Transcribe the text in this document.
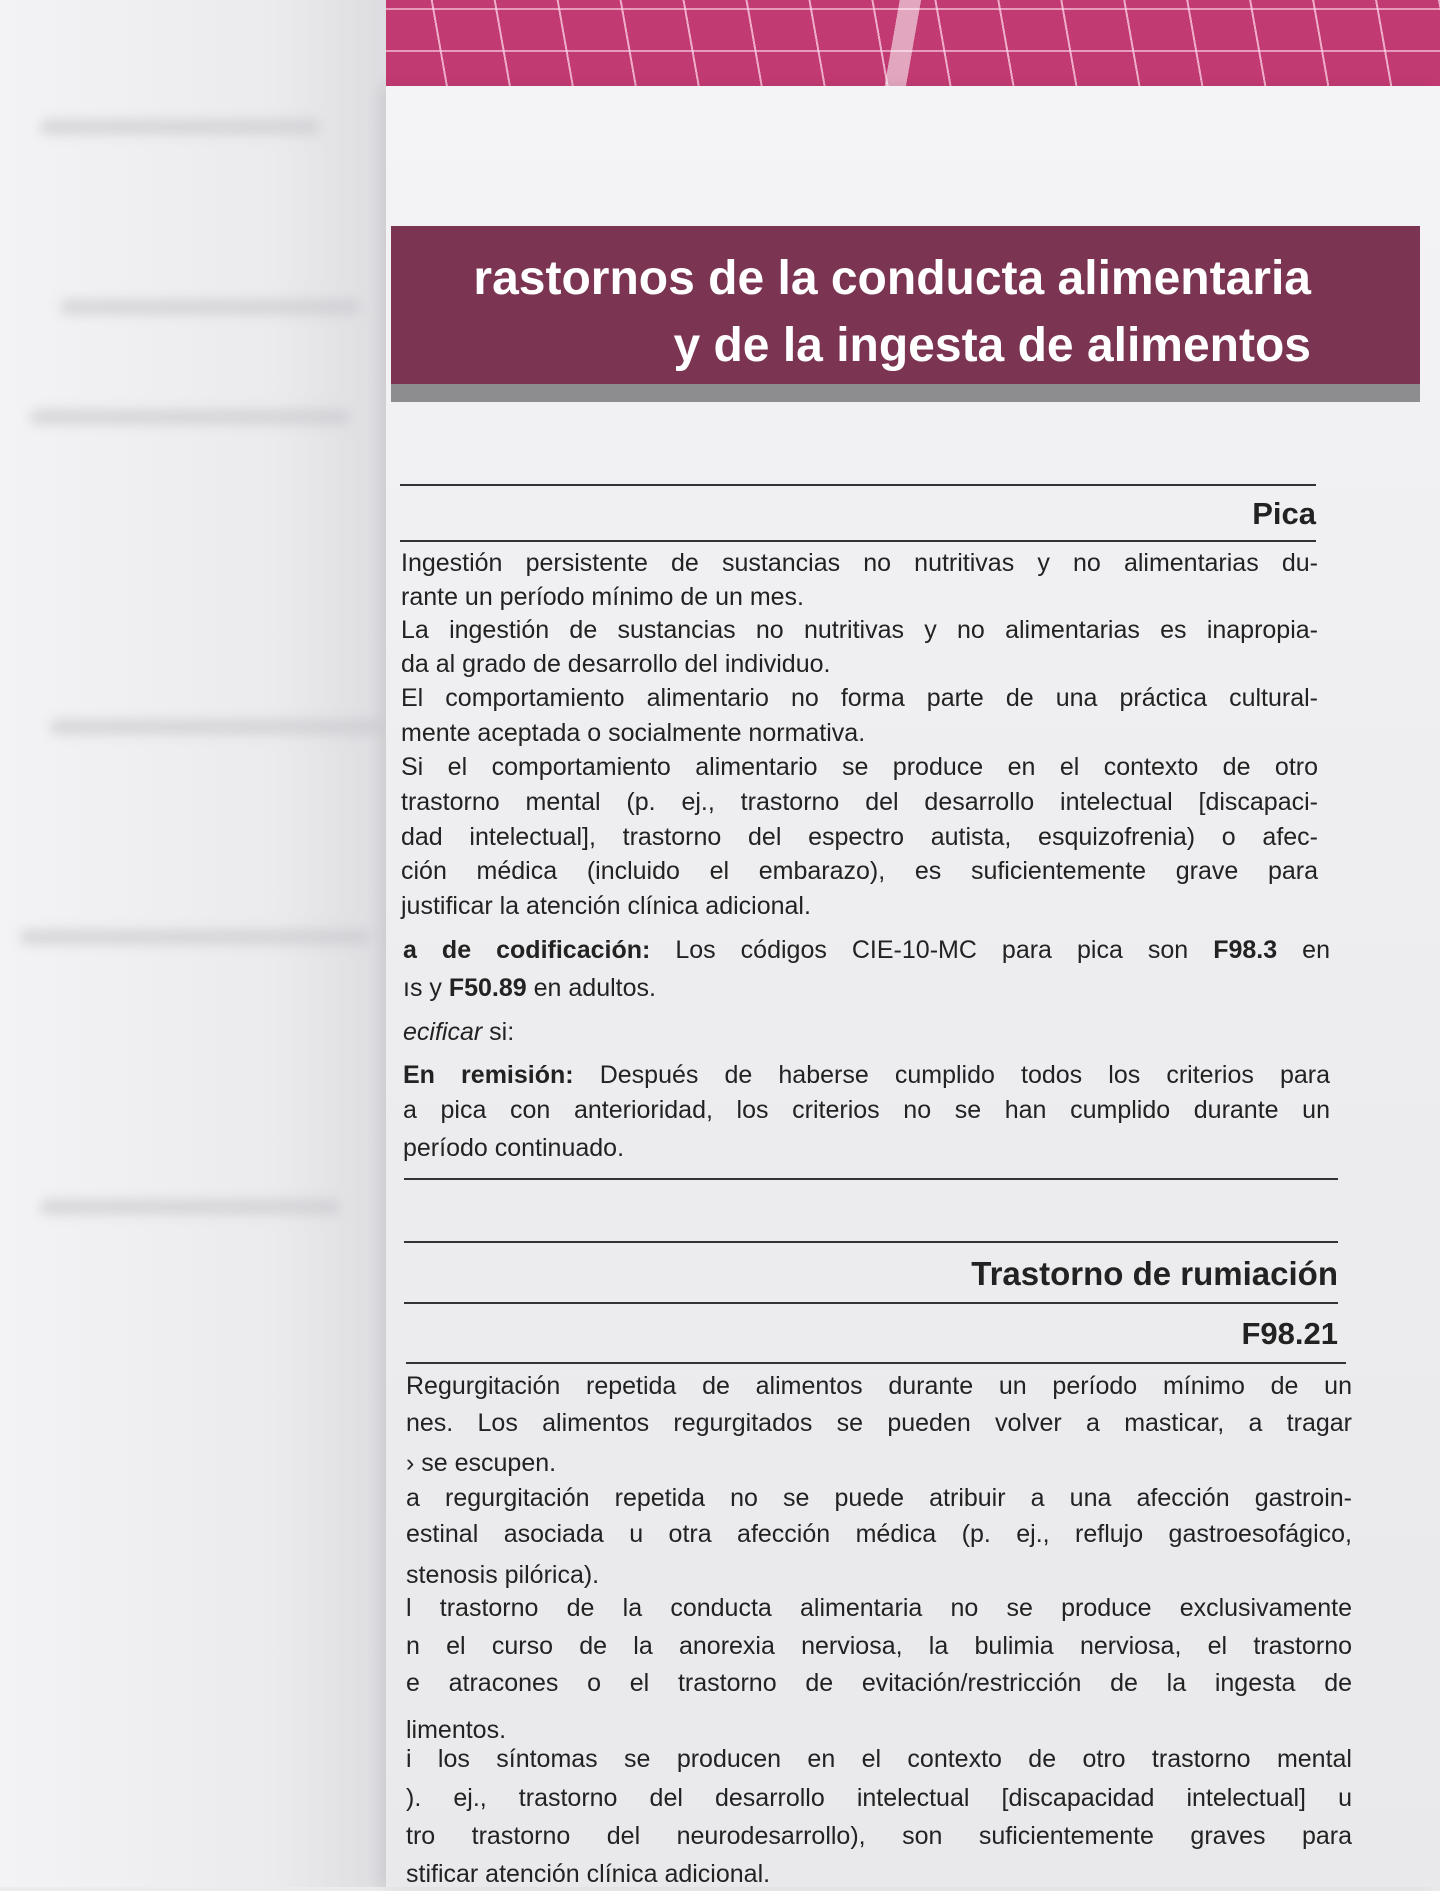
rastornos de la conducta alimentaria
y de la ingesta de alimentos
Pica
Trastorno de rumiación
F98.21
Ingestión persistente de sustancias no nutritivas y no alimentarias du-
rante un período mínimo de un mes.
La ingestión de sustancias no nutritivas y no alimentarias es inapropia-
da al grado de desarrollo del individuo.
El comportamiento alimentario no forma parte de una práctica cultural-
mente aceptada o socialmente normativa.
Si el comportamiento alimentario se produce en el contexto de otro
trastorno mental (p. ej., trastorno del desarrollo intelectual [discapaci-
dad intelectual], trastorno del espectro autista, esquizofrenia) o afec-
ción médica (incluido el embarazo), es suficientemente grave para
justificar la atención clínica adicional.
a de codificación: Los códigos CIE-10-MC para pica son F98.3 en
ıs y F50.89 en adultos.
ecificar si:
En remisión: Después de haberse cumplido todos los criterios para
a pica con anterioridad, los criterios no se han cumplido durante un
período continuado.
Regurgitación repetida de alimentos durante un período mínimo de un
nes. Los alimentos regurgitados se pueden volver a masticar, a tragar
› se escupen.
a regurgitación repetida no se puede atribuir a una afección gastroin-
estinal asociada u otra afección médica (p. ej., reflujo gastroesofágico,
stenosis pilórica).
l trastorno de la conducta alimentaria no se produce exclusivamente
n el curso de la anorexia nerviosa, la bulimia nerviosa, el trastorno
e atracones o el trastorno de evitación/restricción de la ingesta de
limentos.
i los síntomas se producen en el contexto de otro trastorno mental
). ej., trastorno del desarrollo intelectual [discapacidad intelectual] u
tro trastorno del neurodesarrollo), son suficientemente graves para
stificar atención clínica adicional.
